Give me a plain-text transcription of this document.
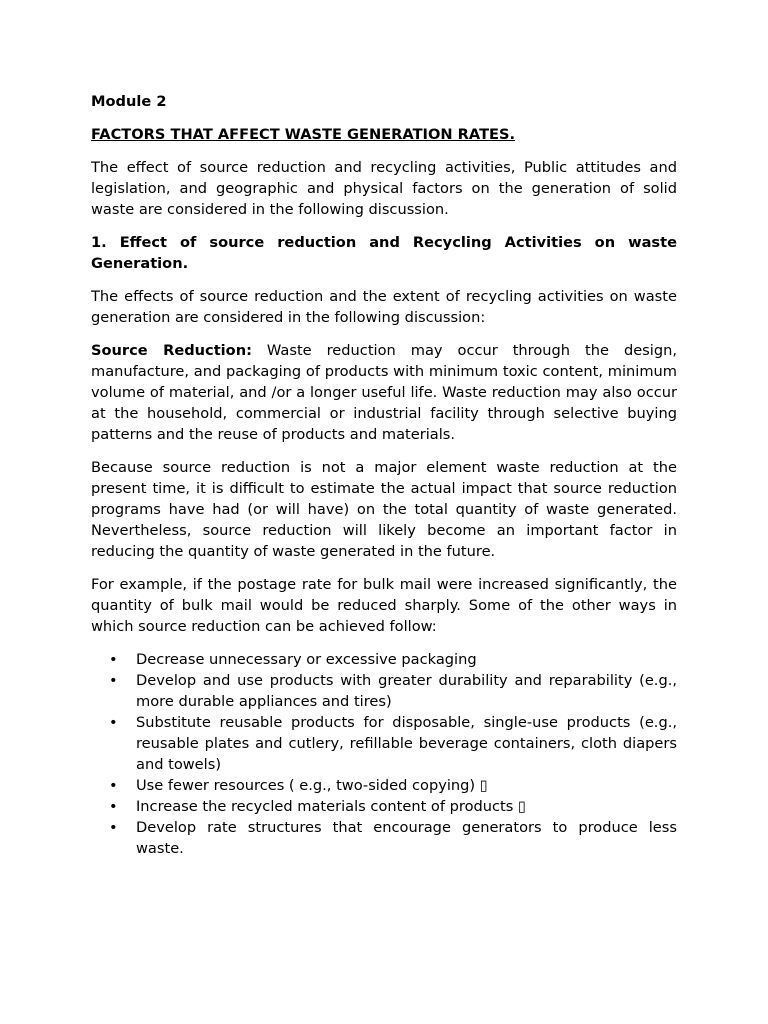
Module 2

FACTORS THAT AFFECT WASTE GENERATION RATES.

The effect of source reduction and recycling activities, Public attitudes and legislation, and geographic and physical factors on the generation of solid waste are considered in the following discussion.

1. Effect of source reduction and Recycling Activities on waste Generation.

The effects of source reduction and the extent of recycling activities on waste generation are considered in the following discussion:

Source Reduction: Waste reduction may occur through the design, manufacture, and packaging of products with minimum toxic content, minimum volume of material, and /or a longer useful life. Waste reduction may also occur at the household, commercial or industrial facility through selective buying patterns and the reuse of products and materials.

Because source reduction is not a major element waste reduction at the present time, it is difficult to estimate the actual impact that source reduction programs have had (or will have) on the total quantity of waste generated. Nevertheless, source reduction will likely become an important factor in reducing the quantity of waste generated in the future.

For example, if the postage rate for bulk mail were increased significantly, the quantity of bulk mail would be reduced sharply. Some of the other ways in which source reduction can be achieved follow:

• Decrease unnecessary or excessive packaging
• Develop and use products with greater durability and reparability (e.g., more durable appliances and tires)
• Substitute reusable products for disposable, single-use products (e.g., reusable plates and cutlery, refillable beverage containers, cloth diapers and towels)
• Use fewer resources ( e.g., two-sided copying) ▯
• Increase the recycled materials content of products ▯
• Develop rate structures that encourage generators to produce less waste.
